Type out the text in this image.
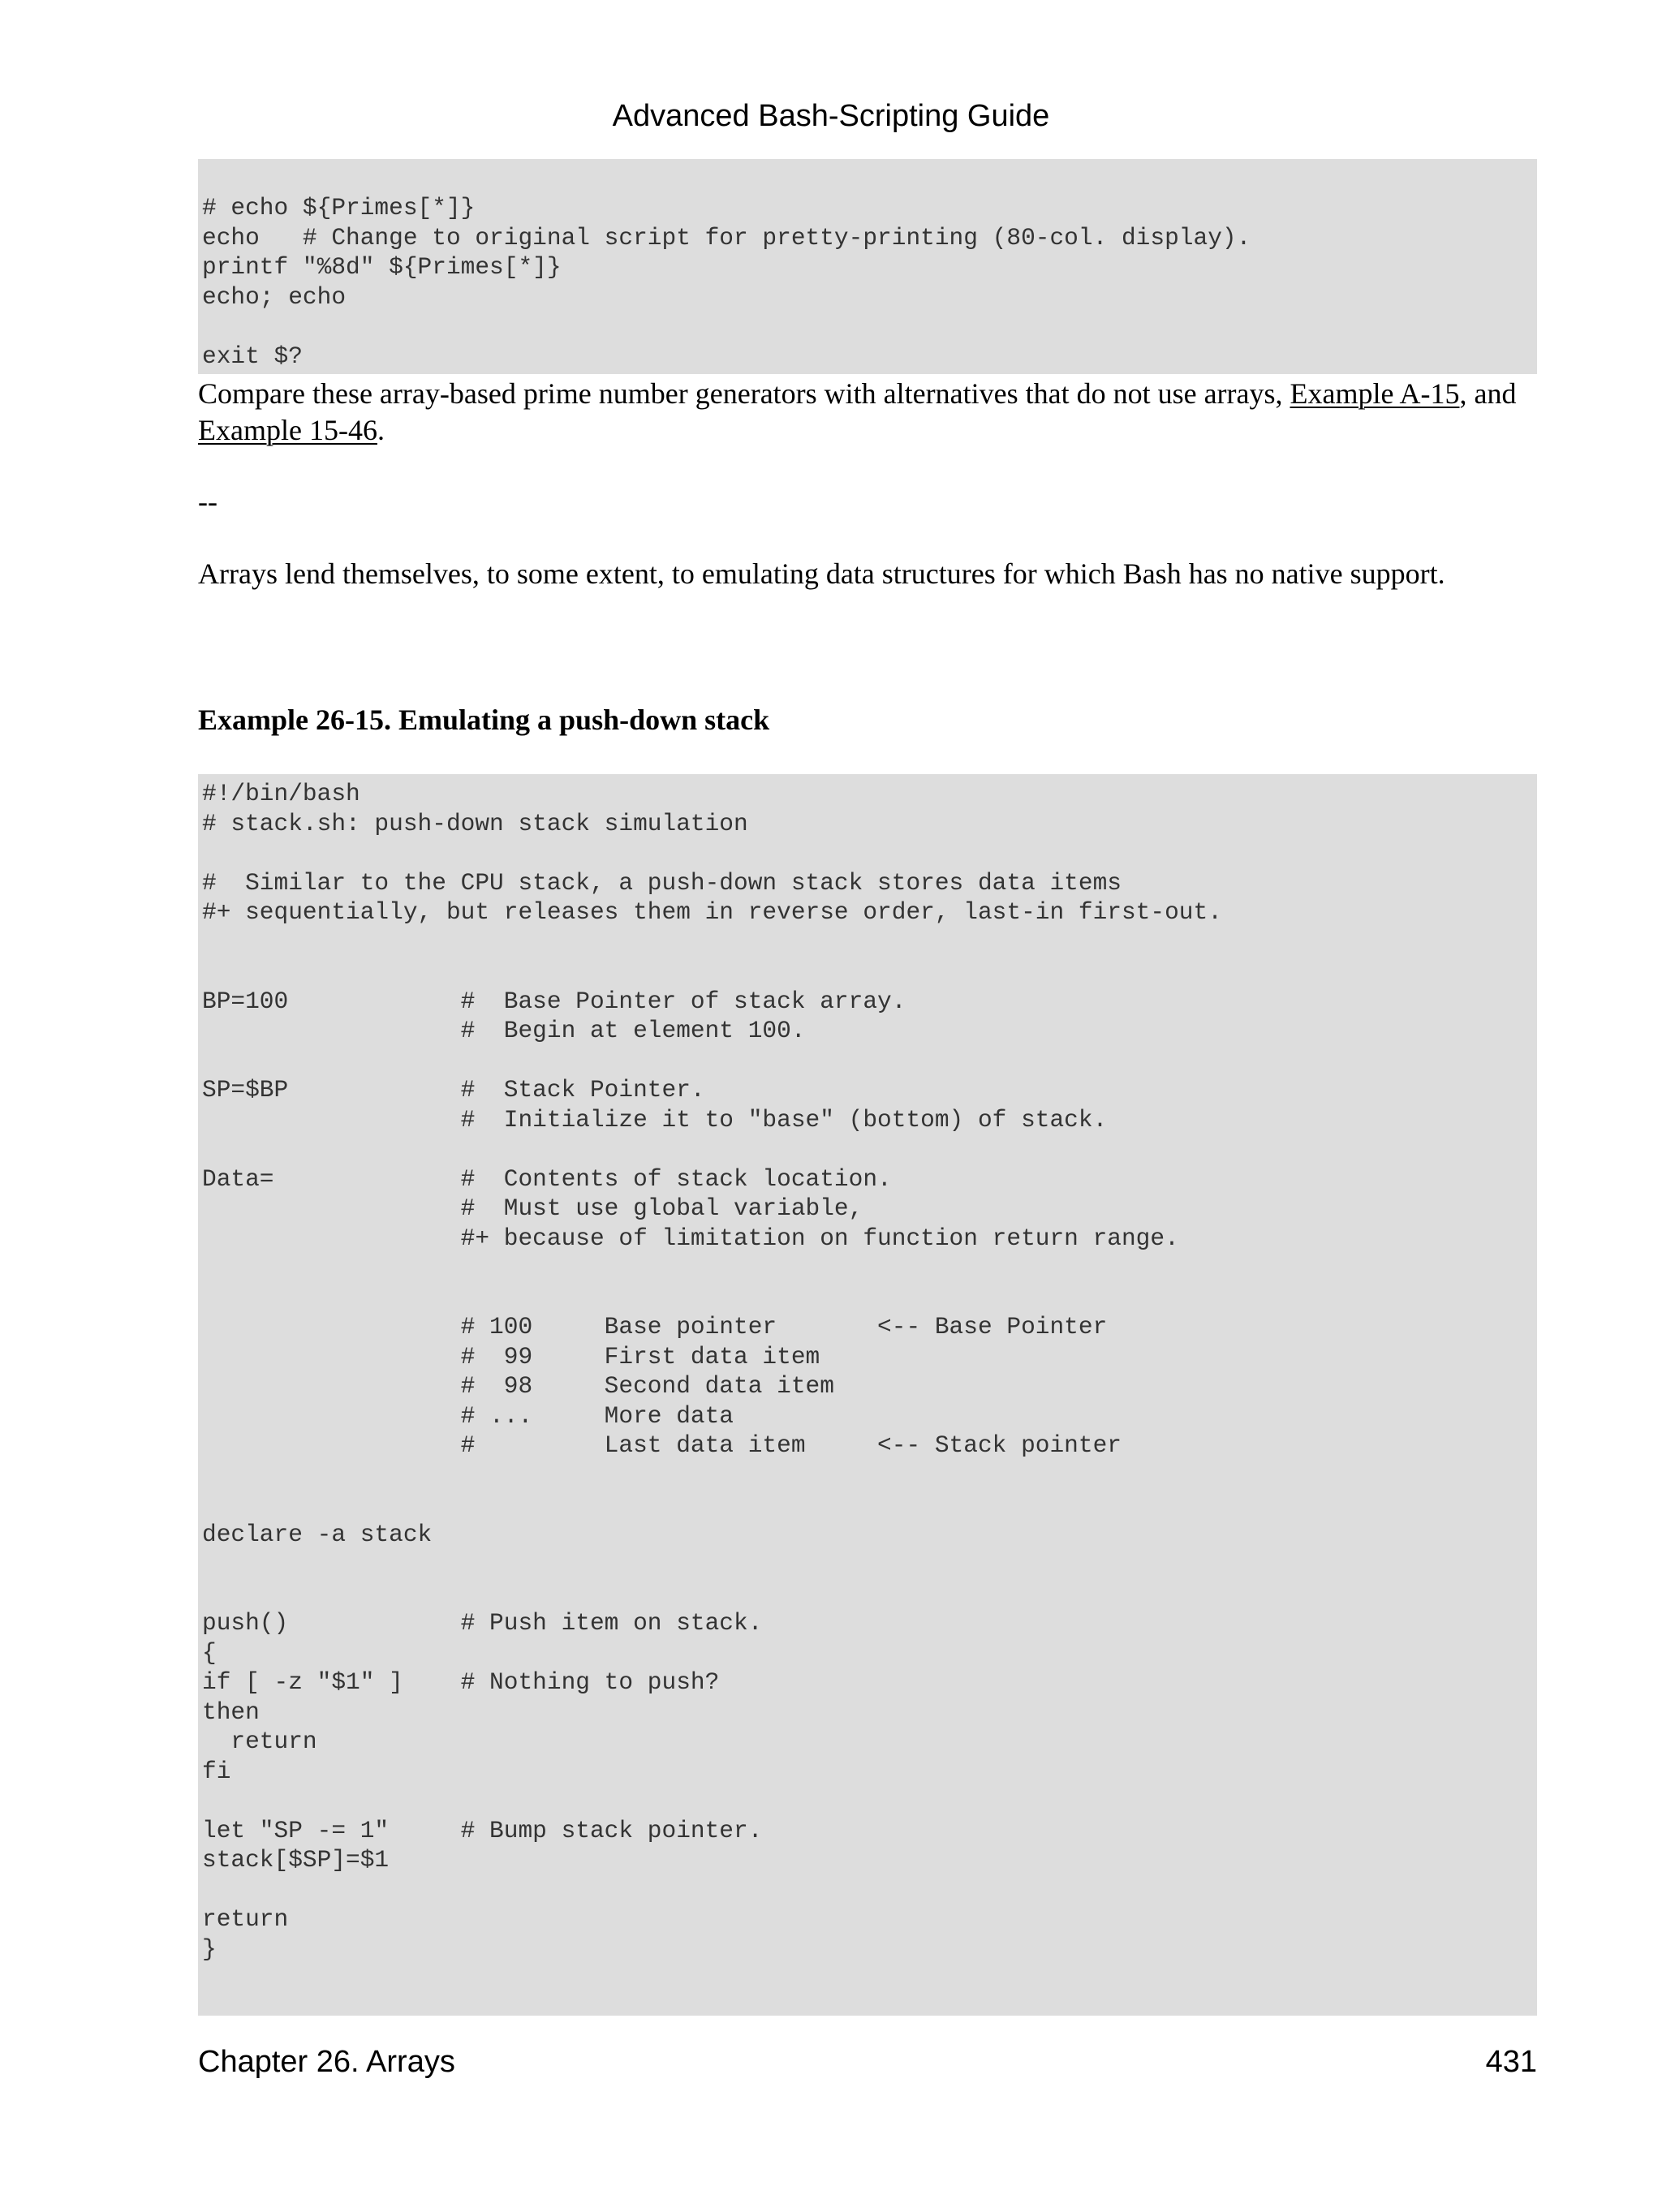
Advanced Bash-Scripting Guide
# echo ${Primes[*]}
echo   # Change to original script for pretty-printing (80-col. display).
printf "%8d" ${Primes[*]}
echo; echo

exit $?
Compare these array-based prime number generators with alternatives that do not use arrays, Example A-15, and Example 15-46.
--
Arrays lend themselves, to some extent, to emulating data structures for which Bash has no native support.
Example 26-15. Emulating a push-down stack
#!/bin/bash
# stack.sh: push-down stack simulation

#  Similar to the CPU stack, a push-down stack stores data items
#+ sequentially, but releases them in reverse order, last-in first-out.

BP=100            #  Base Pointer of stack array.
#  Begin at element 100.

SP=$BP            #  Stack Pointer.
#  Initialize it to "base" (bottom) of stack.

Data=             #  Contents of stack location.
#  Must use global variable,
#+ because of limitation on function return range.

# 100     Base pointer       <-- Base Pointer
#  99     First data item
#  98     Second data item
# ...     More data
#         Last data item     <-- Stack pointer

declare -a stack

push()            # Push item on stack.
{
if [ -z "$1" ]    # Nothing to push?
then
return
fi

let "SP -= 1"     # Bump stack pointer.
stack[$SP]=$1

return
}
Chapter 26. Arrays	431
